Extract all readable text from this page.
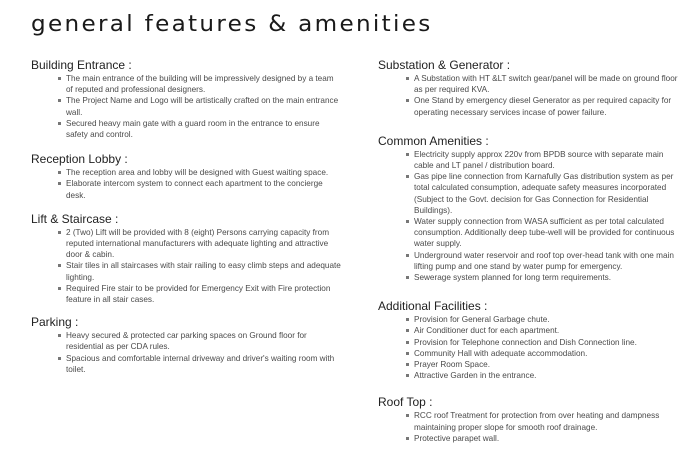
general features & amenities
Building Entrance :
The main entrance of the building will be impressively designed by a team of reputed and professional designers.
The Project Name and Logo will be artistically crafted on the main entrance wall.
Secured heavy main gate with a guard room in the entrance to ensure safety and control.
Reception Lobby :
The reception area and lobby will be designed with Guest waiting space.
Elaborate intercom system to connect each apartment to the concierge desk.
Lift & Staircase :
2 (Two) Lift will be provided with 8 (eight) Persons carrying capacity from reputed international manufacturers with adequate lighting and attractive door & cabin.
Stair tiles in all staircases with stair railing to easy climb steps and adequate lighting.
Required Fire stair to be provided for Emergency Exit with Fire protection feature in all stair cases.
Parking :
Heavy secured & protected car parking spaces on Ground floor for residential as per CDA rules.
Spacious and comfortable internal driveway and driver's waiting room with toilet.
Substation & Generator :
A Substation with HT &LT switch gear/panel will be made on ground floor as per required KVA.
One Stand by emergency diesel Generator as per required capacity for operating necessary services incase of power failure.
Common Amenities :
Electricity supply approx 220v from BPDB source with separate main cable and LT panel / distribution board.
Gas pipe line connection from Karnafully Gas distribution system as per total calculated consumption, adequate safety measures incorporated (Subject to the Govt. decision for Gas Connection for Residential Buildings).
Water supply connection from WASA sufficient as per total calculated consumption. Additionally deep tube-well will be provided for continuous water supply.
Underground water reservoir and roof top over-head tank with one main lifting pump and one stand by water pump for emergency.
Sewerage system planned for long term requirements.
Additional Facilities :
Provision for General Garbage chute.
Air Conditioner duct for each apartment.
Provision for Telephone connection and Dish Connection line.
Community Hall with adequate accommodation.
Prayer Room Space.
Attractive Garden in the entrance.
Roof Top :
RCC roof Treatment for protection from over heating and dampness maintaining proper slope for smooth roof drainage.
Protective parapet wall.
